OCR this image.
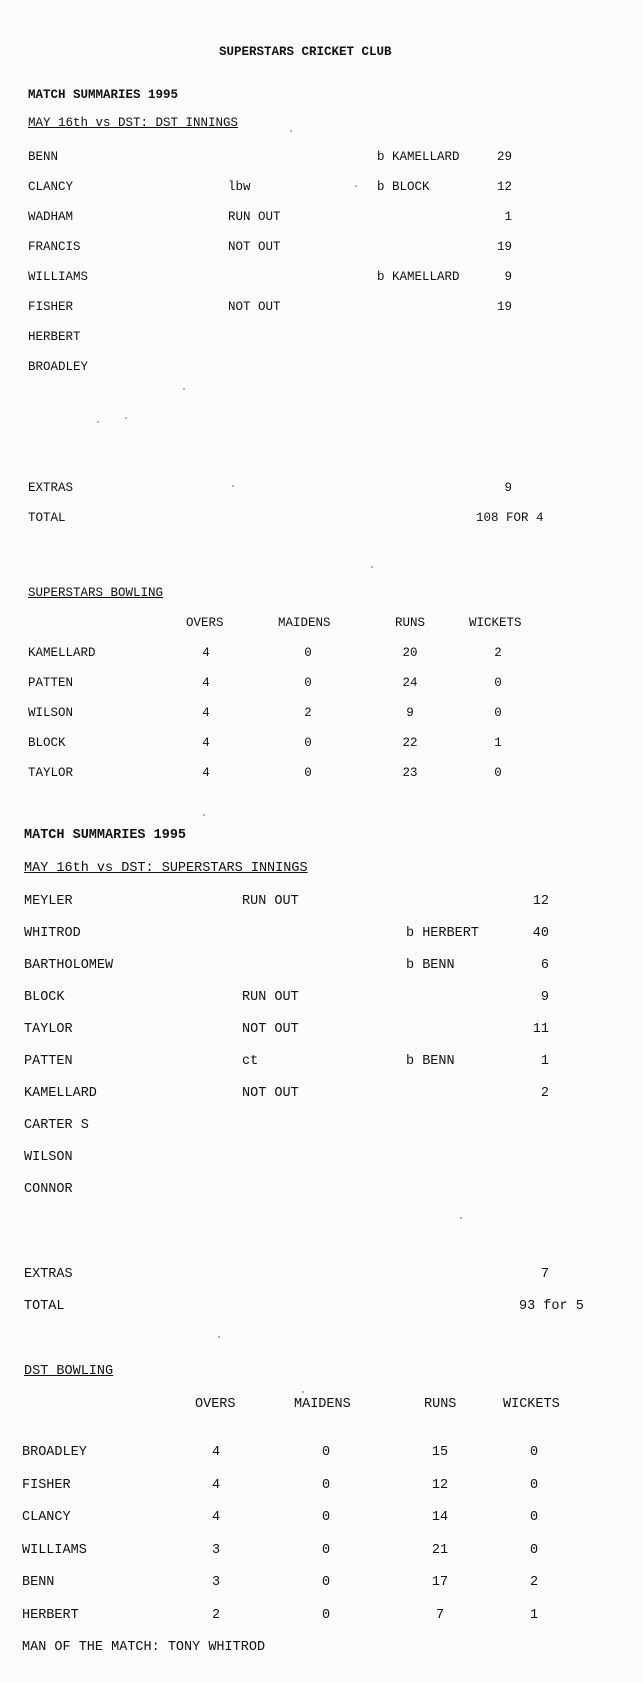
SUPERSTARS CRICKET CLUB
MATCH SUMMARIES 1995
MAY 16th vs DST: DST INNINGS
BENN	b KAMELLARD	29
CLANCY	lbw	b BLOCK	12
WADHAM	RUN OUT	1
FRANCIS	NOT OUT	19
WILLIAMS	b KAMELLARD	9
FISHER	NOT OUT	19
HERBERT
BROADLEY
EXTRAS	9
TOTAL	108 FOR 4
SUPERSTARS BOWLING
OVERS	MAIDENS	RUNS	WICKETS
KAMELLARD	4	0	20	2
PATTEN	4	0	24	0
WILSON	4	2	9	0
BLOCK	4	0	22	1
TAYLOR	4	0	23	0
MATCH SUMMARIES 1995
MAY 16th vs DST: SUPERSTARS INNINGS
MEYLER	RUN OUT	12
WHITROD	b HERBERT	40
BARTHOLOMEW	b BENN	6
BLOCK	RUN OUT	9
TAYLOR	NOT OUT	11
PATTEN	ct	b BENN	1
KAMELLARD	NOT OUT	2
CARTER S
WILSON
CONNOR
EXTRAS	7
TOTAL	93 for 5
DST BOWLING
OVERS	MAIDENS	RUNS	WICKETS
BROADLEY	4	0	15	0
FISHER	4	0	12	0
CLANCY	4	0	14	0
WILLIAMS	3	0	21	0
BENN	3	0	17	2
HERBERT	2	0	7	1
MAN OF THE MATCH: TONY WHITROD
